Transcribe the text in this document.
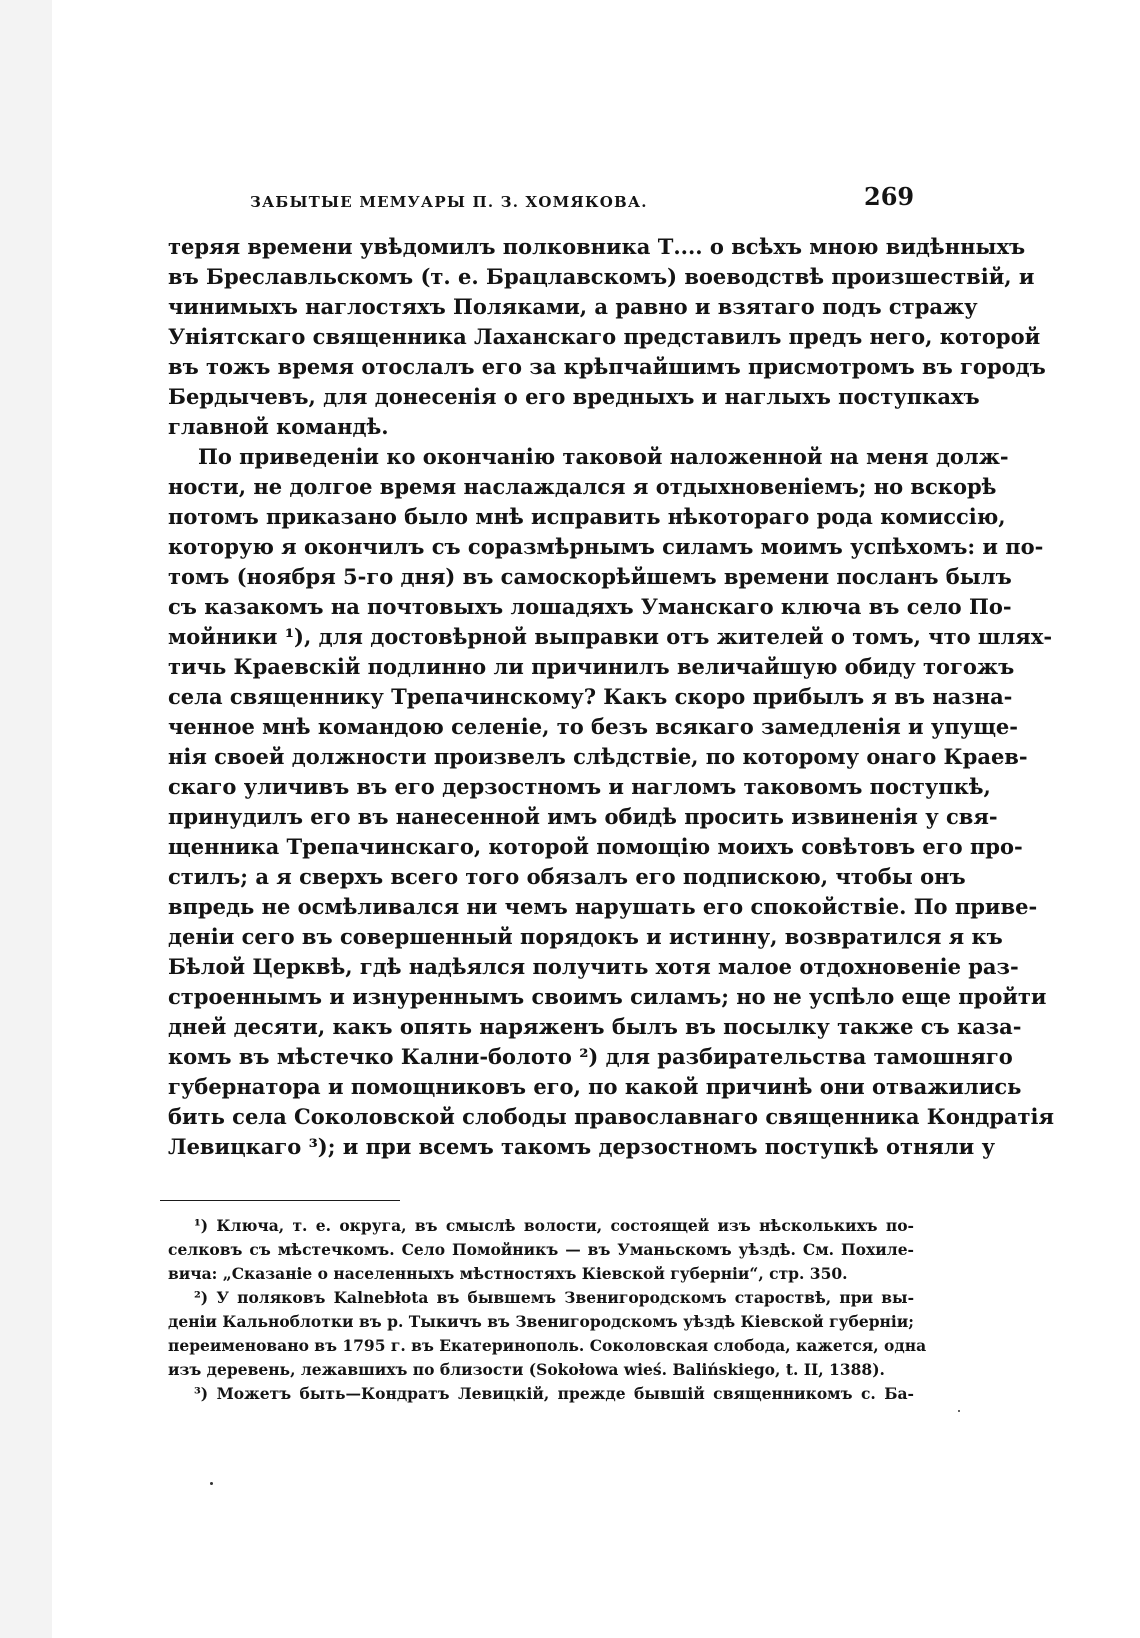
ЗАБЫТЫЕ МЕМУАРЫ П. З. ХОМЯКОВА.	269
теряя времени увѣдомилъ полковника Т.... о всѣхъ мною видѣнныхъ
въ Бреславльскомъ (т. е. Брацлавскомъ) воеводствѣ произшествій, и
чинимыхъ наглостяхъ Поляками, а равно и взятаго подъ стражу
Уніятскаго священника Лаханскаго представилъ предъ него, которой
въ тожъ время отослалъ его за крѣпчайшимъ присмотромъ въ городъ
Бердычевъ, для донесенія о его вредныхъ и наглыхъ поступкахъ
главной командѣ.
По приведеніи ко окончанію таковой наложенной на меня долж-
ности, не долгое время наслаждался я отдыхновеніемъ; но вскорѣ
потомъ приказано было мнѣ исправить нѣкотораго рода комиссію,
которую я окончилъ съ соразмѣрнымъ силамъ моимъ успѣхомъ: и по-
томъ (ноября 5-го дня) въ самоскорѣйшемъ времени посланъ былъ
съ казакомъ на почтовыхъ лошадяхъ Уманскаго ключа въ село По-
мойники ¹), для достовѣрной выправки отъ жителей о томъ, что шлях-
тичь Краевскій подлинно ли причинилъ величайшую обиду тогожъ
села священнику Трепачинскому? Какъ скоро прибылъ я въ назна-
ченное мнѣ командою селеніе, то безъ всякаго замедленія и упуще-
нія своей должности произвелъ слѣдствіе, по которому онаго Краев-
скаго уличивъ въ его дерзостномъ и нагломъ таковомъ поступкѣ,
принудилъ его въ нанесенной имъ обидѣ просить извиненія у свя-
щенника Трепачинскаго, которой помощію моихъ совѣтовъ его про-
стилъ; а я сверхъ всего того обязалъ его подпискою, чтобы онъ
впредь не осмѣливался ни чемъ нарушать его спокойствіе. По приве-
деніи сего въ совершенный порядокъ и истинну, возвратился я къ
Бѣлой Церквѣ, гдѣ надѣялся получить хотя малое отдохновеніе раз-
строеннымъ и изнуреннымъ своимъ силамъ; но не успѣло еще пройти
дней десяти, какъ опять наряженъ былъ въ посылку также съ каза-
комъ въ мѣстечко Кални-болото ²) для разбирательства тамошняго
губернатора и помощниковъ его, по какой причинѣ они отважились
бить села Соколовской слободы православнаго священника Кондратія
Левицкаго ³); и при всемъ такомъ дерзостномъ поступкѣ отняли у
¹) Ключа, т. е. округа, въ смыслѣ волости, состоящей изъ нѣсколькихъ по-
селковъ съ мѣстечкомъ. Село Помойникъ — въ Уманьскомъ уѣздѣ. См. Похиле-
вича: „Сказаніе о населенныхъ мѣстностяхъ Кіевской губерніи“, стр. 350.
²) У поляковъ Kalnebłota въ бывшемъ Звенигородскомъ староствѣ, при вы-
деніи Кальноблотки въ р. Тыкичъ въ Звенигородскомъ уѣздѣ Кіевской губерніи;
переименовано въ 1795 г. въ Екатеринополь. Соколовская слобода, кажется, одна
изъ деревень, лежавшихъ по близости (Sokołowa wieś. Balińskiego, t. II, 1388).
³) Можетъ быть—Кондратъ Левицкій, прежде бывшій священникомъ с. Ба-
